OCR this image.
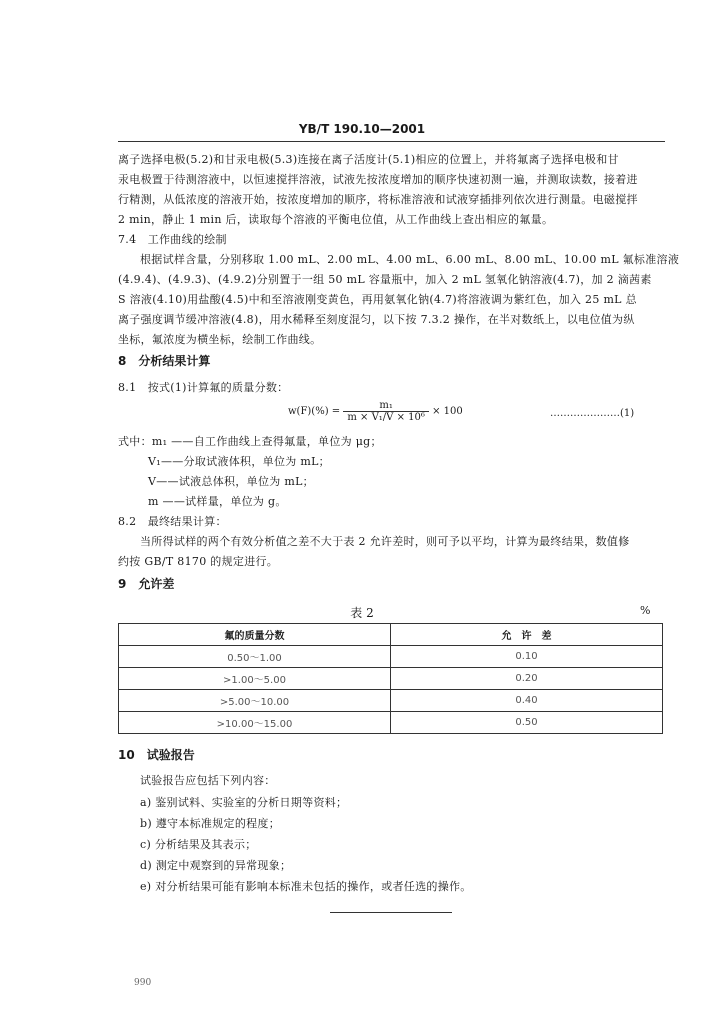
YB/T 190.10—2001
离子选择电极(5.2)和甘汞电极(5.3)连接在离子活度计(5.1)相应的位置上，并将氟离子选择电极和甘
汞电极置于待测溶液中，以恒速搅拌溶液，试液先按浓度增加的顺序快速初测一遍，并测取读数，接着进
行精测，从低浓度的溶液开始，按浓度增加的顺序，将标准溶液和试液穿插排列依次进行测量。电磁搅拌
2 min，静止 1 min 后，读取每个溶液的平衡电位值，从工作曲线上查出相应的氟量。
7.4　工作曲线的绘制
根据试样含量，分别移取 1.00 mL、2.00 mL、4.00 mL、6.00 mL、8.00 mL、10.00 mL 氟标准溶液
(4.9.4)、(4.9.3)、(4.9.2)分别置于一组 50 mL 容量瓶中，加入 2 mL 氢氧化钠溶液(4.7)，加 2 滴茜素
S 溶液(4.10)用盐酸(4.5)中和至溶液刚变黄色，再用氨氧化钠(4.7)将溶液调为紫红色，加入 25 mL 总
离子强度调节缓冲溶液(4.8)，用水稀释至刻度混匀，以下按 7.3.2 操作，在半对数纸上，以电位值为纵
坐标，氟浓度为横坐标，绘制工作曲线。
8　分析结果计算
8.1　按式(1)计算氟的质量分数：
$w(F)(\%) = \frac{\text{m₁}}{\text{m × V₁/V × 10⁶}} \times 100$	…………………(1)
式中：m₁ ——自工作曲线上查得氟量，单位为 μg；
V₁——分取试液体积，单位为 mL；
V——试液总体积，单位为 mL；
m ——试样量，单位为 g。
8.2　最终结果计算：
当所得试样的两个有效分析值之差不大于表 2 允许差时，则可予以平均，计算为最终结果，数值修
约按 GB/T 8170 的规定进行。
9　允许差
表 2	%
氟的质量分数	允　许　差
0.50～1.00	0.10
>1.00～5.00	0.20
>5.00～10.00	0.40
>10.00～15.00	0.50
10　试验报告
试验报告应包括下列内容：
a) 鉴别试料、实验室的分析日期等资料；
b) 遵守本标准规定的程度；
c) 分析结果及其表示；
d) 测定中观察到的异常现象；
e) 对分析结果可能有影响本标准未包括的操作，或者任选的操作。
990
